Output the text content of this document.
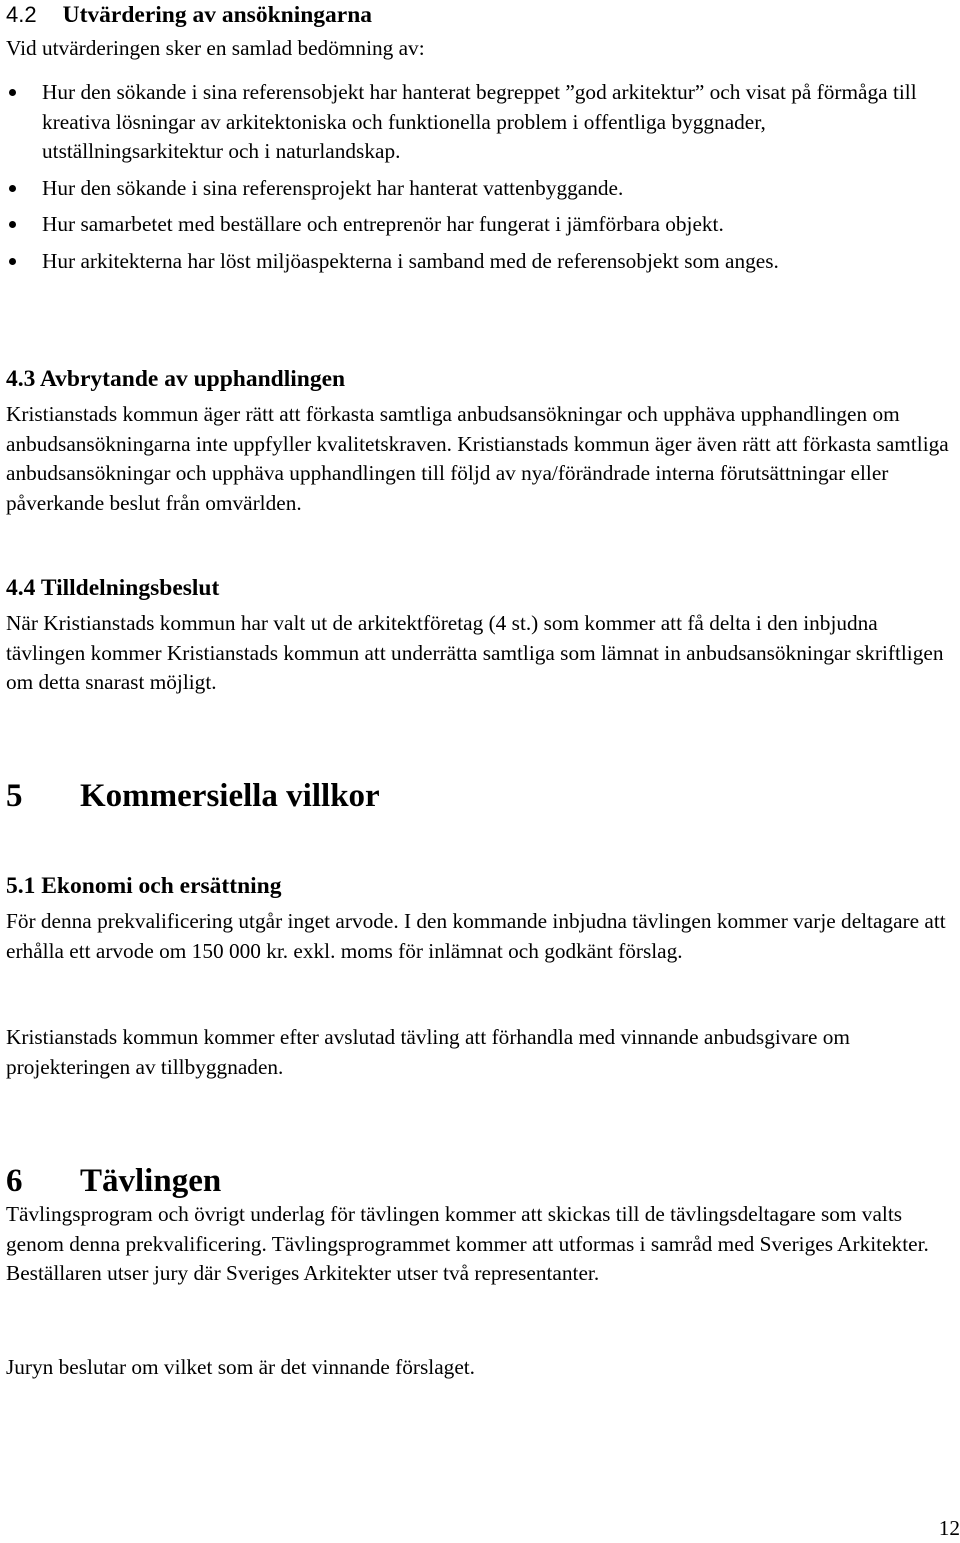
4.2 Utvärdering av ansökningarna
Vid utvärderingen sker en samlad bedömning av:
Hur den sökande i sina referensobjekt har hanterat begreppet ”god arkitektur” och visat på förmåga till kreativa lösningar av arkitektoniska och funktionella problem i offentliga byggnader, utställningsarkitektur och i naturlandskap.
Hur den sökande i sina referensprojekt har hanterat vattenbyggande.
Hur samarbetet med beställare och entreprenör har fungerat i jämförbara objekt.
Hur arkitekterna har löst miljöaspekterna i samband med de referensobjekt som anges.
4.3 Avbrytande av upphandlingen
Kristianstads kommun äger rätt att förkasta samtliga anbudsansökningar och upphäva upphandlingen om anbudsansökningarna inte uppfyller kvalitetskraven. Kristianstads kommun äger även rätt att förkasta samtliga anbudsansökningar och upphäva upphandlingen till följd av nya/förändrade interna förutsättningar eller påverkande beslut från omvärlden.
4.4 Tilldelningsbeslut
När Kristianstads kommun har valt ut de arkitektföretag (4 st.) som kommer att få delta i den inbjudna tävlingen kommer Kristianstads kommun att underrätta samtliga som lämnat in anbudsansökningar skriftligen om detta snarast möjligt.
5 Kommersiella villkor
5.1 Ekonomi och ersättning
För denna prekvalificering utgår inget arvode. I den kommande inbjudna tävlingen kommer varje deltagare att erhålla ett arvode om 150 000 kr. exkl. moms för inlämnat och godkänt förslag.
Kristianstads kommun kommer efter avslutad tävling att förhandla med vinnande anbudsgivare om projekteringen av tillbyggnaden.
6 Tävlingen
Tävlingsprogram och övrigt underlag för tävlingen kommer att skickas till de tävlingsdeltagare som valts genom denna prekvalificering. Tävlingsprogrammet kommer att utformas i samråd med Sveriges Arkitekter. Beställaren utser jury där Sveriges Arkitekter utser två representanter.
Juryn beslutar om vilket som är det vinnande förslaget.
12
